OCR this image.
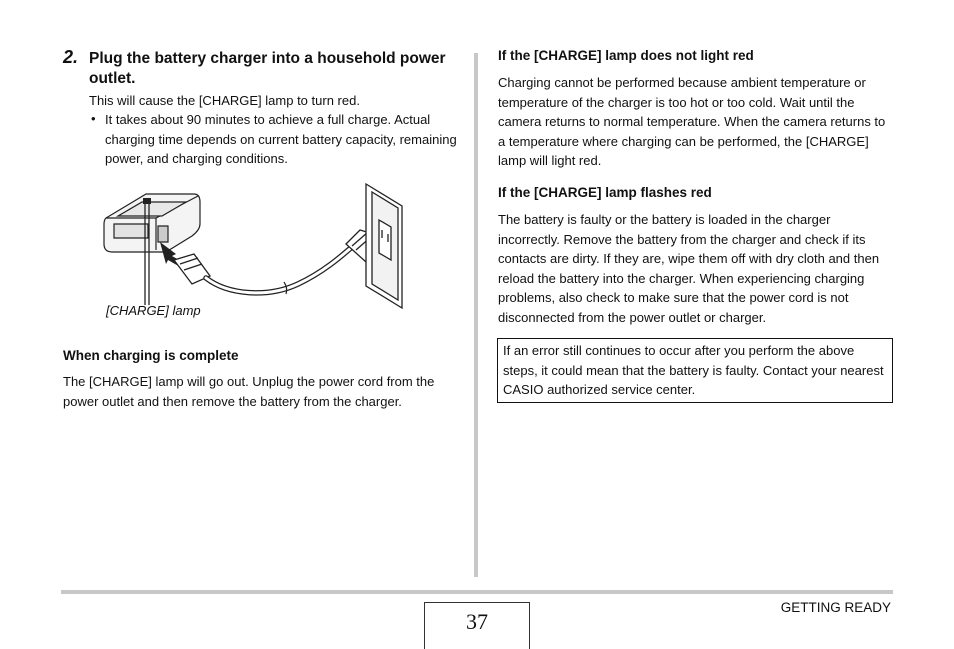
2. Plug the battery charger into a household power outlet.
This will cause the [CHARGE] lamp to turn red.
• It takes about 90 minutes to achieve a full charge. Actual charging time depends on current battery capacity, remaining power, and charging conditions.
[CHARGE] lamp
When charging is complete
The [CHARGE] lamp will go out. Unplug the power cord from the power outlet and then remove the battery from the charger.
If the [CHARGE] lamp does not light red
Charging cannot be performed because ambient temperature or temperature of the charger is too hot or too cold. Wait until the camera returns to normal temperature. When the camera returns to a temperature where charging can be performed, the [CHARGE] lamp will light red.
If the [CHARGE] lamp flashes red
The battery is faulty or the battery is loaded in the charger incorrectly. Remove the battery from the charger and check if its contacts are dirty. If they are, wipe them off with dry cloth and then reload the battery into the charger. When experiencing charging problems, also check to make sure that the power cord is not disconnected from the power outlet or charger.
If an error still continues to occur after you perform the above steps, it could mean that the battery is faulty. Contact your nearest CASIO authorized service center.
37
GETTING READY
